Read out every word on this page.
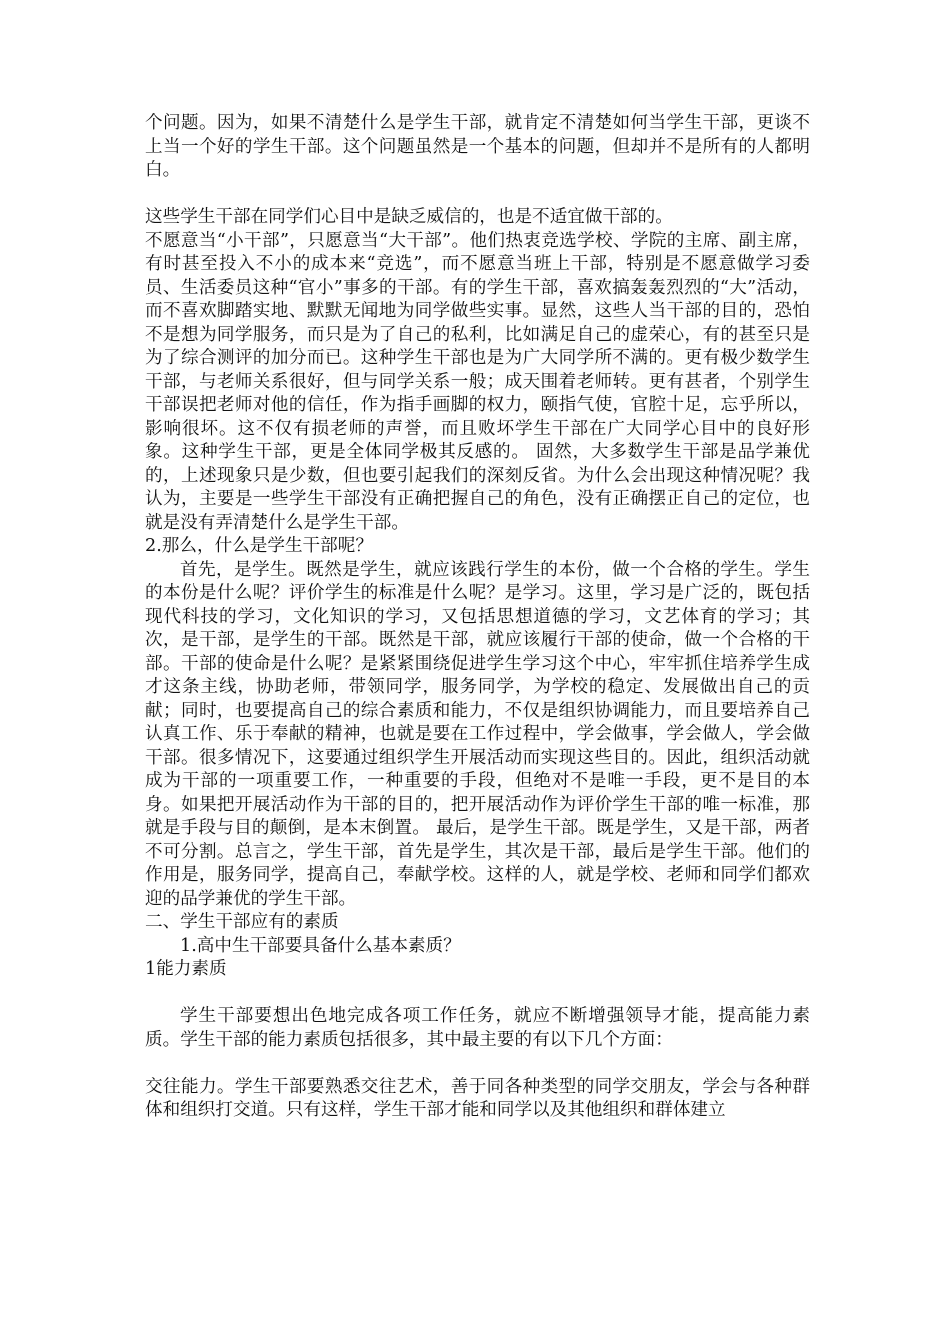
个问题。因为，如果不清楚什么是学生干部，就肯定不清楚如何当学生干部，更谈不上当一个好的学生干部。这个问题虽然是一个基本的问题，但却并不是所有的人都明白。

这些学生干部在同学们心目中是缺乏威信的，也是不适宜做干部的。

不愿意当“小干部”，只愿意当“大干部”。他们热衷竞选学校、学院的主席、副主席，有时甚至投入不小的成本来“竞选”，而不愿意当班上干部，特别是不愿意做学习委员、生活委员这种“官小”事多的干部。有的学生干部，喜欢搞轰轰烈烈的“大”活动，而不喜欢脚踏实地、默默无闻地为同学做些实事。显然，这些人当干部的目的，恐怕不是想为同学服务，而只是为了自己的私利，比如满足自己的虚荣心，有的甚至只是为了综合测评的加分而已。这种学生干部也是为广大同学所不满的。更有极少数学生干部，与老师关系很好，但与同学关系一般；成天围着老师转。更有甚者，个别学生干部误把老师对他的信任，作为指手画脚的权力，颐指气使，官腔十足，忘乎所以，影响很坏。这不仅有损老师的声誉，而且败坏学生干部在广大同学心目中的良好形象。这种学生干部，更是全体同学极其反感的。 固然，大多数学生干部是品学兼优的，上述现象只是少数，但也要引起我们的深刻反省。为什么会出现这种情况呢？我认为，主要是一些学生干部没有正确把握自己的角色，没有正确摆正自己的定位，也就是没有弄清楚什么是学生干部。

2.那么，什么是学生干部呢？

首先，是学生。既然是学生，就应该践行学生的本份，做一个合格的学生。学生的本份是什么呢？评价学生的标准是什么呢？是学习。这里，学习是广泛的，既包括现代科技的学习，文化知识的学习，又包括思想道德的学习，文艺体育的学习；其次，是干部，是学生的干部。既然是干部，就应该履行干部的使命，做一个合格的干部。干部的使命是什么呢？是紧紧围绕促进学生学习这个中心，牢牢抓住培养学生成才这条主线，协助老师，带领同学，服务同学，为学校的稳定、发展做出自己的贡献；同时，也要提高自己的综合素质和能力，不仅是组织协调能力，而且要培养自己认真工作、乐于奉献的精神，也就是要在工作过程中，学会做事，学会做人，学会做干部。很多情况下，这要通过组织学生开展活动而实现这些目的。因此，组织活动就成为干部的一项重要工作，一种重要的手段，但绝对不是唯一手段，更不是目的本身。如果把开展活动作为干部的目的，把开展活动作为评价学生干部的唯一标准，那就是手段与目的颠倒，是本末倒置。 最后，是学生干部。既是学生，又是干部，两者不可分割。总言之，学生干部，首先是学生，其次是干部，最后是学生干部。他们的作用是，服务同学，提高自己，奉献学校。这样的人，就是学校、老师和同学们都欢迎的品学兼优的学生干部。

二、学生干部应有的素质

1.高中生干部要具备什么基本素质？

1能力素质

学生干部要想出色地完成各项工作任务，就应不断增强领导才能，提高能力素质。学生干部的能力素质包括很多，其中最主要的有以下几个方面：

交往能力。学生干部要熟悉交往艺术，善于同各种类型的同学交朋友，学会与各种群体和组织打交道。只有这样，学生干部才能和同学以及其他组织和群体建立
